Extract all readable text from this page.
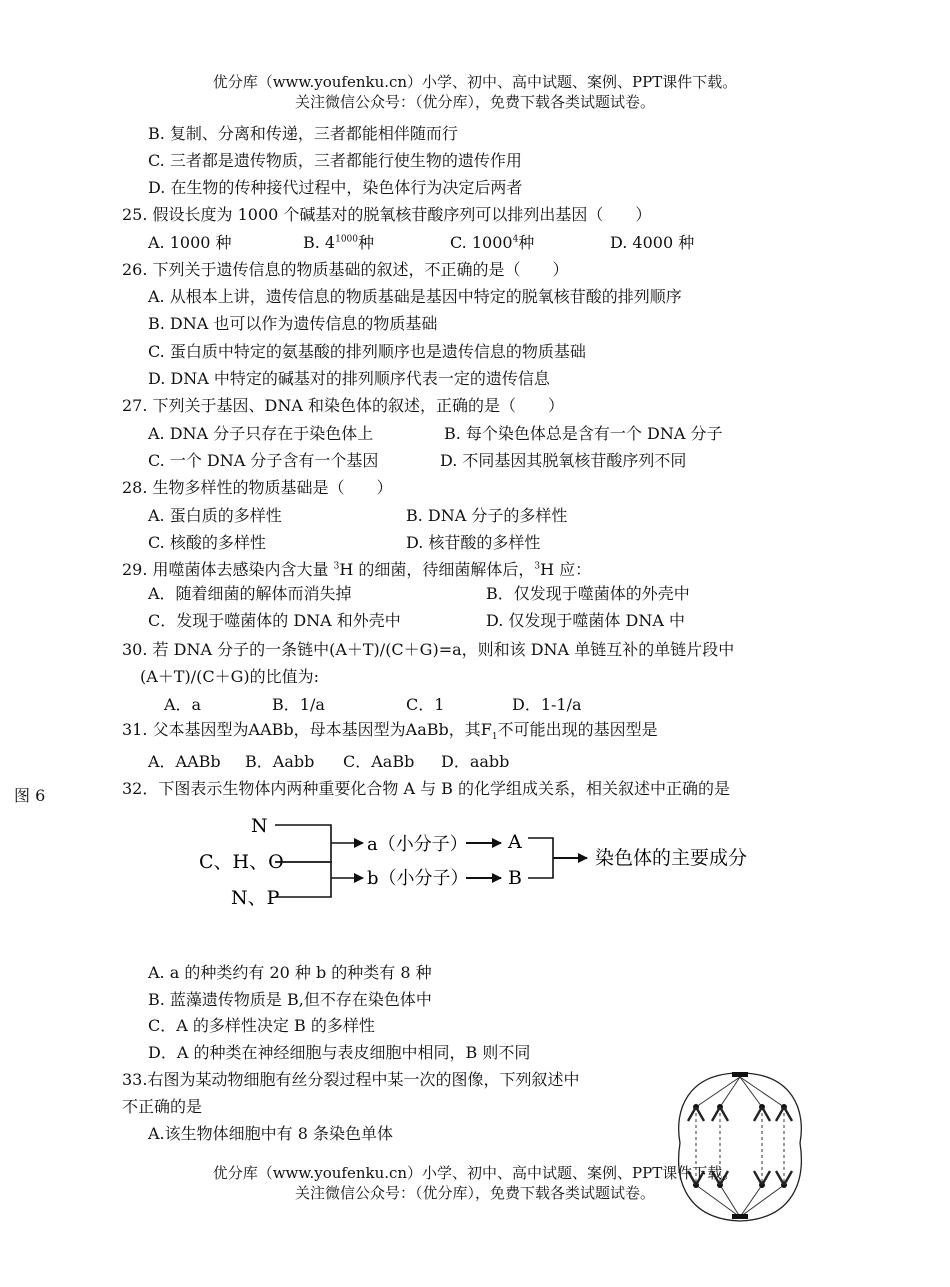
优分库（www.youfenku.cn）小学、初中、高中试题、案例、PPT课件下载。
关注微信公众号：（优分库），免费下载各类试题试卷。
B. 复制、分离和传递，三者都能相伴随而行
C. 三者都是遗传物质，三者都能行使生物的遗传作用
D. 在生物的传种接代过程中，染色体行为决定后两者
25. 假设长度为 1000 个碱基对的脱氧核苷酸序列可以排列出基因（　　）
A. 1000 种	B. $4^{1000}$种	C. 1000$^4$种	D. 4000 种
26. 下列关于遗传信息的物质基础的叙述，不正确的是（　　）
A. 从根本上讲，遗传信息的物质基础是基因中特定的脱氧核苷酸的排列顺序
B. DNA 也可以作为遗传信息的物质基础
C. 蛋白质中特定的氨基酸的排列顺序也是遗传信息的物质基础
D. DNA 中特定的碱基对的排列顺序代表一定的遗传信息
27. 下列关于基因、DNA 和染色体的叙述，正确的是（　　）
A. DNA 分子只存在于染色体上	B. 每个染色体总是含有一个 DNA 分子
C. 一个 DNA 分子含有一个基因	D. 不同基因其脱氧核苷酸序列不同
28. 生物多样性的物质基础是（　　）
A. 蛋白质的多样性	B. DNA 分子的多样性
C. 核酸的多样性	D. 核苷酸的多样性
29. 用噬菌体去感染内含大量 $^3$H 的细菌，待细菌解体后，$^3$H 应：
A．随着细菌的解体而消失掉	B．仅发现于噬菌体的外壳中
C．发现于噬菌体的 DNA 和外壳中	D. 仅发现于噬菌体 DNA 中
30. 若 DNA 分子的一条链中(A＋T)/(C＋G)=a，则和该 DNA 单链互补的单链片段中
(A＋T)/(C＋G)的比值为:
A．a	B．1/a	C．1	D．1-1/a
31. 父本基因型为AABb，母本基因型为AaBb，其$F_1$不可能出现的基因型是
A．AABb B．Aabb C．AaBb D．aabb
图 6	32．下图表示生物体内两种重要化合物 A 与 B 的化学组成关系，相关叙述中正确的是
N
C、H、O
N、P
a（小分子）
b（小分子）
A
B
染色体的主要成分
A. a 的种类约有 20 种 b 的种类有 8 种
B. 蓝藻遗传物质是 B,但不存在染色体中
C．A 的多样性决定 B 的多样性
D．A 的种类在神经细胞与表皮细胞中相同，B 则不同
33.右图为某动物细胞有丝分裂过程中某一次的图像，下列叙述中
不正确的是
A.该生物体细胞中有 8 条染色单体
优分库（www.youfenku.cn）小学、初中、高中试题、案例、PPT课件下载。
关注微信公众号：（优分库），免费下载各类试题试卷。
